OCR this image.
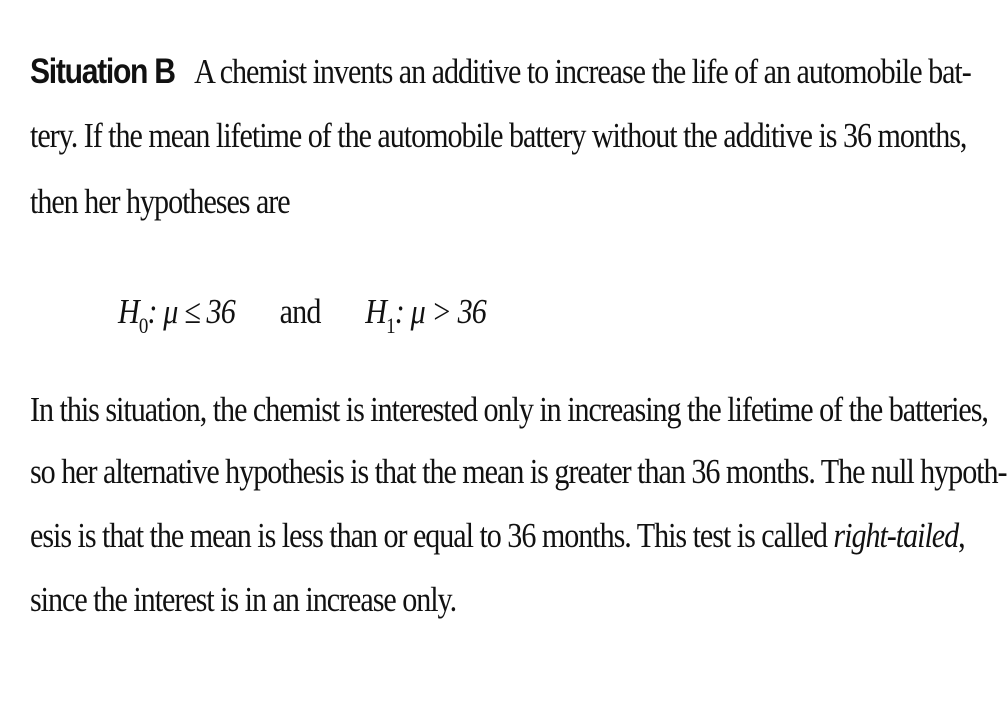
Situation B A chemist invents an additive to increase the life of an automobile bat-
tery. If the mean lifetime of the automobile battery without the additive is 36 months,
then her hypotheses are
$H_0$: μ ≤ 36 and $H_1$: μ > 36
In this situation, the chemist is interested only in increasing the lifetime of the batteries,
so her alternative hypothesis is that the mean is greater than 36 months. The null hypoth-
esis is that the mean is less than or equal to 36 months. This test is called right-tailed,
since the interest is in an increase only.
